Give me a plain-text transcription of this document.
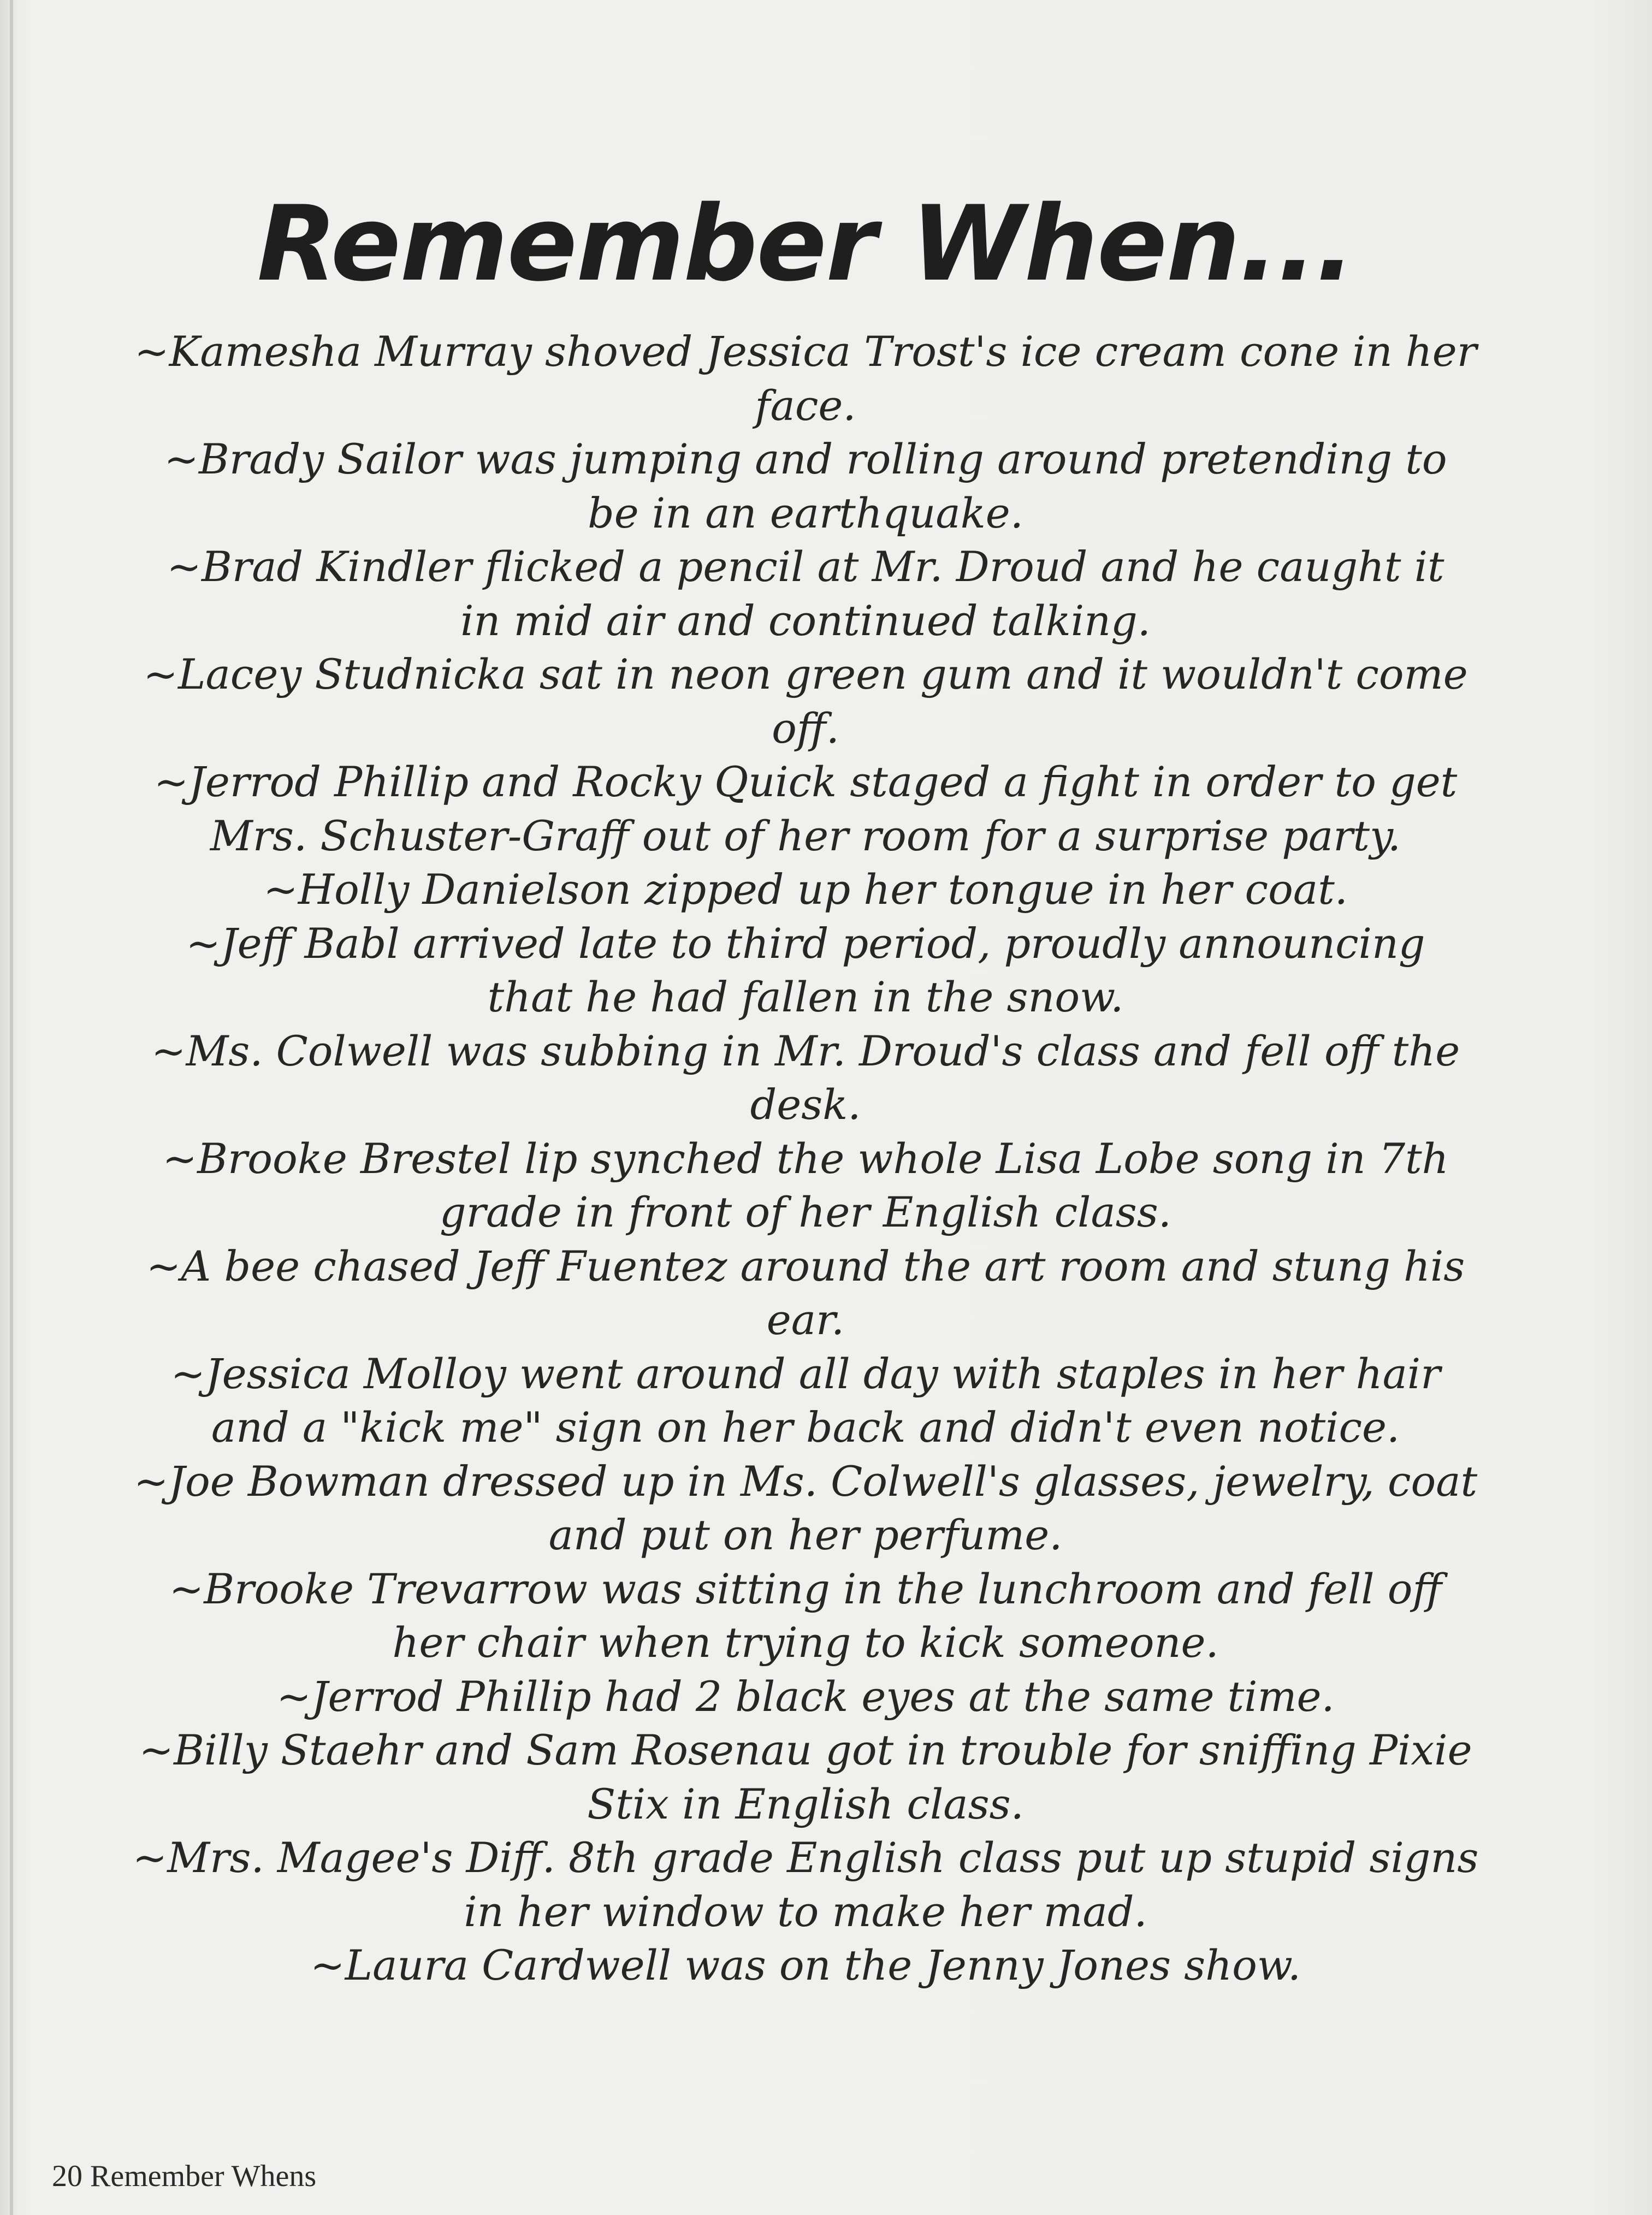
Remember When...
~Kamesha Murray shoved Jessica Trost's ice cream cone in her
face.
~Brady Sailor was jumping and rolling around pretending to
be in an earthquake.
~Brad Kindler flicked a pencil at Mr. Droud and he caught it
in mid air and continued talking.
~Lacey Studnicka sat in neon green gum and it wouldn't come
off.
~Jerrod Phillip and Rocky Quick staged a fight in order to get
Mrs. Schuster-Graff out of her room for a surprise party.
~Holly Danielson zipped up her tongue in her coat.
~Jeff Babl arrived late to third period, proudly announcing
that he had fallen in the snow.
~Ms. Colwell was subbing in Mr. Droud's class and fell off the
desk.
~Brooke Brestel lip synched the whole Lisa Lobe song in 7th
grade in front of her English class.
~A bee chased Jeff Fuentez around the art room and stung his
ear.
~Jessica Molloy went around all day with staples in her hair
and a "kick me" sign on her back and didn't even notice.
~Joe Bowman dressed up in Ms. Colwell's glasses, jewelry, coat
and put on her perfume.
~Brooke Trevarrow was sitting in the lunchroom and fell off
her chair when trying to kick someone.
~Jerrod Phillip had 2 black eyes at the same time.
~Billy Staehr and Sam Rosenau got in trouble for sniffing Pixie
Stix in English class.
~Mrs. Magee's Diff. 8th grade English class put up stupid signs
in her window to make her mad.
~Laura Cardwell was on the Jenny Jones show.
20 Remember Whens
